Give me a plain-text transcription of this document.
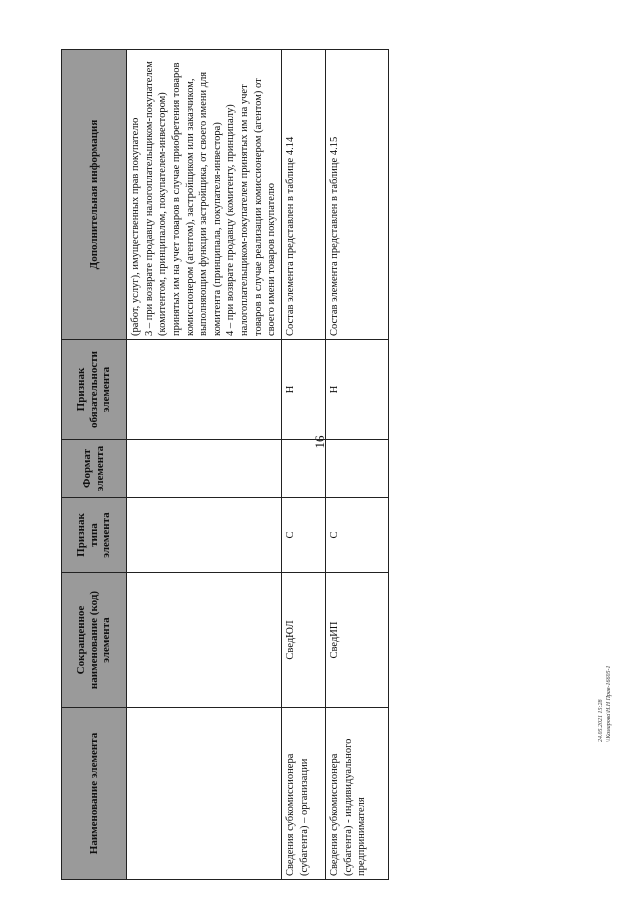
16
Наименование элемента	Сокращенное наименование (код) элемента	Признак типа элемента	Формат элемента	Признак обязательности элемента	Дополнительная информация

					(работ, услуг), имущественных прав покупателю 3 – при возврате продавцу налогоплательщиком-покупателем (комитентом, принципалом, покупателем-инвестором) принятых им на учет товаров в случае приобретения товаров комиссионером (агентом), застройщиком или заказчиком, выполняющим функции застройщика, от своего имени для комитента (принципала, покупателя-инвестора) 4 – при возврате продавцу (комитенту, принципалу) налогоплательщиком-покупателем принятых им на учет товаров в случае реализации комиссионером (агентом) от своего имени товаров покупателю

Сведения субкомиссионера (субагента) – организации	СведЮЛ	С		Н	Состав элемента представлен в таблице 4.14
Сведения субкомиссионера (субагента) - индивидуального предпринимателя	СведИП	С		Н	Состав элемента представлен в таблице 4.15
24.05.2021 15:28 \\Комарова\Н.Н Прав-16605-1
